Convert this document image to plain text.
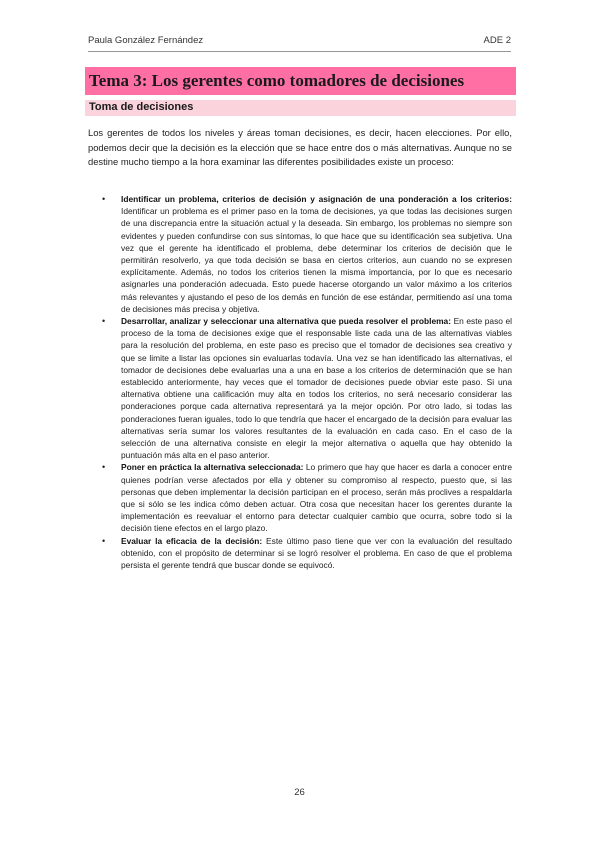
Paula González Fernández	ADE 2
Tema 3: Los gerentes como tomadores de decisiones
Toma de decisiones

Los gerentes de todos los niveles y áreas toman decisiones, es decir, hacen elecciones. Por ello, podemos decir que la decisión es la elección que se hace entre dos o más alternativas. Aunque no se destine mucho tiempo a la hora examinar las diferentes posibilidades existe un proceso:

• Identificar un problema, criterios de decisión y asignación de una ponderación a los criterios: Identificar un problema es el primer paso en la toma de decisiones, ya que todas las decisiones surgen de una discrepancia entre la situación actual y la deseada. Sin embargo, los problemas no siempre son evidentes y pueden confundirse con sus síntomas, lo que hace que su identificación sea subjetiva. Una vez que el gerente ha identificado el problema, debe determinar los criterios de decisión que le permitirán resolverlo, ya que toda decisión se basa en ciertos criterios, aun cuando no se expresen explícitamente. Además, no todos los criterios tienen la misma importancia, por lo que es necesario asignarles una ponderación adecuada. Esto puede hacerse otorgando un valor máximo a los criterios más relevantes y ajustando el peso de los demás en función de ese estándar, permitiendo así una toma de decisiones más precisa y objetiva.
• Desarrollar, analizar y seleccionar una alternativa que pueda resolver el problema: En este paso el proceso de la toma de decisiones exige que el responsable liste cada una de las alternativas viables para la resolución del problema, en este paso es preciso que el tomador de decisiones sea creativo y que se limite a listar las opciones sin evaluarlas todavía. Una vez se han identificado las alternativas, el tomador de decisiones debe evaluarlas una a una en base a los criterios de determinación que se han establecido anteriormente, hay veces que el tomador de decisiones puede obviar este paso. Si una alternativa obtiene una calificación muy alta en todos los criterios, no será necesario considerar las ponderaciones porque cada alternativa representará ya la mejor opción. Por otro lado, si todas las ponderaciones fueran iguales, todo lo que tendría que hacer el encargado de la decisión para evaluar las alternativas sería sumar los valores resultantes de la evaluación en cada caso. En el caso de la selección de una alternativa consiste en elegir la mejor alternativa o aquella que hay obtenido la puntuación más alta en el paso anterior.
• Poner en práctica la alternativa seleccionada: Lo primero que hay que hacer es darla a conocer entre quienes podrían verse afectados por ella y obtener su compromiso al respecto, puesto que, si las personas que deben implementar la decisión participan en el proceso, serán más proclives a respaldarla que si sólo se les indica cómo deben actuar. Otra cosa que necesitan hacer los gerentes durante la implementación es reevaluar el entorno para detectar cualquier cambio que ocurra, sobre todo si la decisión tiene efectos en el largo plazo.
• Evaluar la eficacia de la decisión: Este último paso tiene que ver con la evaluación del resultado obtenido, con el propósito de determinar si se logró resolver el problema. En caso de que el problema persista el gerente tendrá que buscar donde se equivocó.
26
